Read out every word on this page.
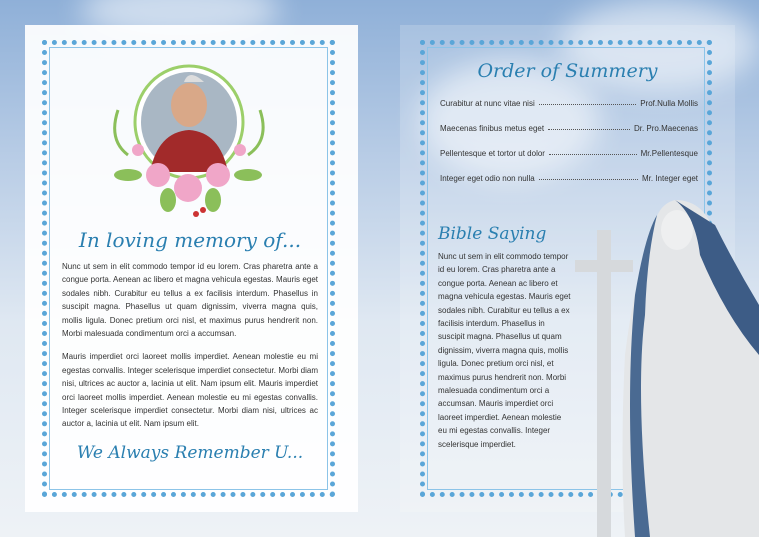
In loving memory of...
Nunc ut sem in elit commodo tempor id eu lorem. Cras pharetra ante a congue porta. Aenean ac libero et magna vehicula egestas. Mauris eget sodales nibh. Curabitur eu tellus a ex facilisis interdum. Phasellus in suscipit magna. Phasellus ut quam dignissim, viverra magna quis, mollis ligula. Donec pretium orci nisl, et maximus purus hendrerit non. Morbi malesuada condimentum orci a accumsan.
Mauris imperdiet orci laoreet mollis imperdiet. Aenean molestie eu mi egestas convallis. Integer scelerisque imperdiet consectetur. Morbi diam nisi, ultrices ac auctor a, lacinia ut elit. Nam ipsum elit. Mauris imperdiet orci laoreet mollis imperdiet. Aenean molestie eu mi egestas convallis. Integer scelerisque imperdiet consectetur. Morbi diam nisi, ultrices ac auctor a, lacinia ut elit. Nam ipsum elit.
We Always Remember U...
Order of Summery
Curabitur at nunc vitae nisi	Prof.Nulla Mollis
Maecenas finibus metus eget	Dr. Pro.Maecenas
Pellentesque et tortor ut dolor	Mr.Pellentesque
Integer eget odio non nulla	Mr. Integer eget
Bible Saying
Nunc ut sem in elit commodo tempor id eu lorem. Cras pharetra ante a congue porta. Aenean ac libero et magna vehicula egestas. Mauris eget sodales nibh. Curabitur eu tellus a ex facilisis interdum. Phasellus in suscipit magna. Phasellus ut quam dignissim, viverra magna quis, mollis ligula. Donec pretium orci nisl, et maximus purus hendrerit non. Morbi malesuada condimentum orci a accumsan. Mauris imperdiet orci laoreet imperdiet. Aenean molestie eu mi egestas convallis. Integer scelerisque imperdiet.
